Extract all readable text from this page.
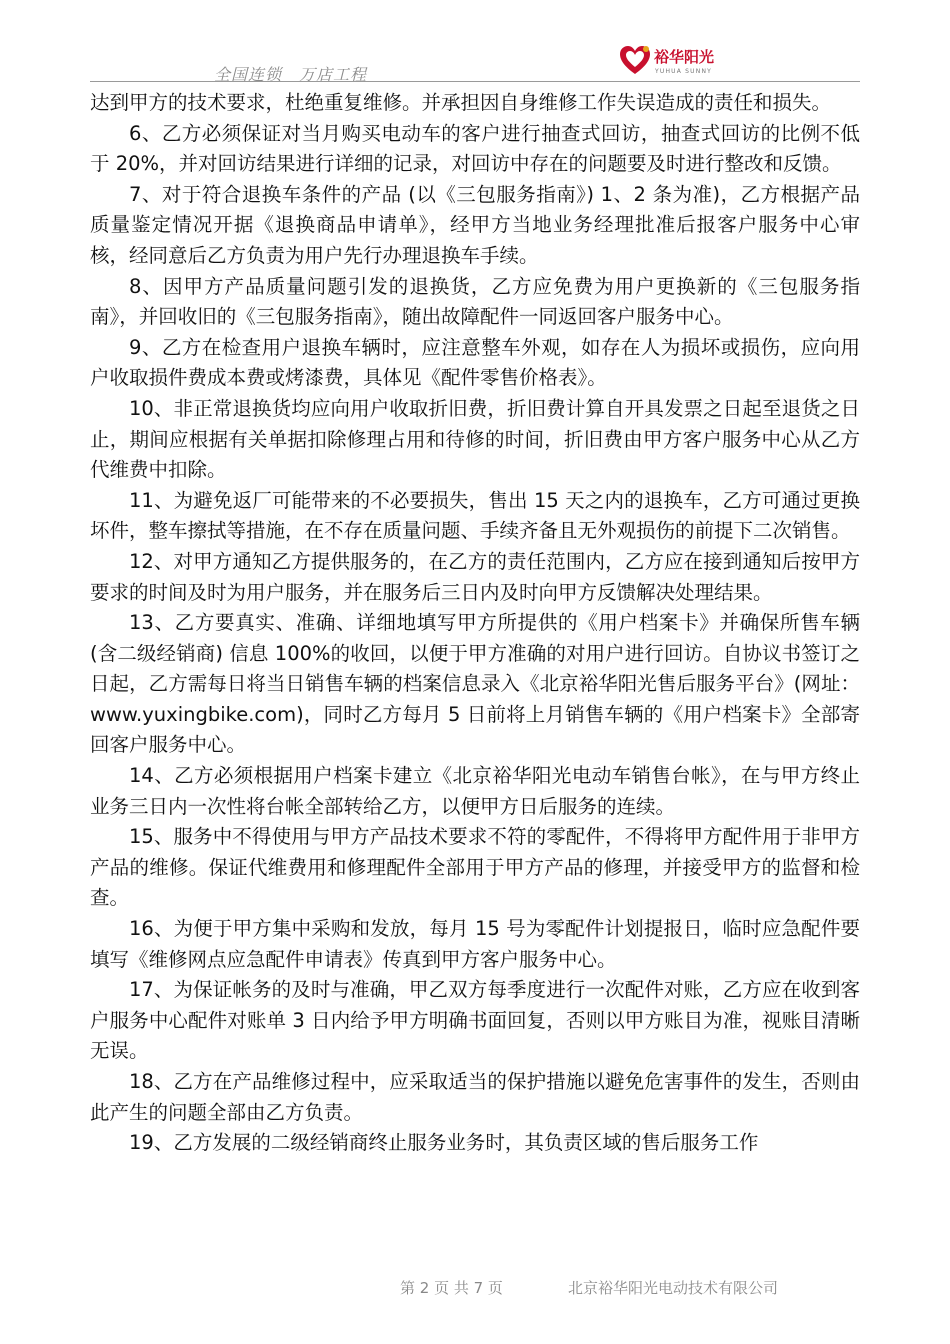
全国连锁　万店工程
裕华阳光
YUHUA SUNNY

达到甲方的技术要求，杜绝重复维修。并承担因自身维修工作失误造成的责任和损失。

6、乙方必须保证对当月购买电动车的客户进行抽查式回访，抽查式回访的比例不低于 20%，并对回访结果进行详细的记录，对回访中存在的问题要及时进行整改和反馈。

7、对于符合退换车条件的产品 (以《三包服务指南》) 1、2 条为准)，乙方根据产品质量鉴定情况开据《退换商品申请单》，经甲方当地业务经理批准后报客户服务中心审核，经同意后乙方负责为用户先行办理退换车手续。

8、因甲方产品质量问题引发的退换货，乙方应免费为用户更换新的《三包服务指南》，并回收旧的《三包服务指南》，随出故障配件一同返回客户服务中心。

9、乙方在检查用户退换车辆时，应注意整车外观，如存在人为损坏或损伤，应向用户收取损件费成本费或烤漆费，具体见《配件零售价格表》。

10、非正常退换货均应向用户收取折旧费，折旧费计算自开具发票之日起至退货之日止，期间应根据有关单据扣除修理占用和待修的时间，折旧费由甲方客户服务中心从乙方代维费中扣除。

11、为避免返厂可能带来的不必要损失，售出 15 天之内的退换车，乙方可通过更换坏件，整车擦拭等措施，在不存在质量问题、手续齐备且无外观损伤的前提下二次销售。

12、对甲方通知乙方提供服务的，在乙方的责任范围内，乙方应在接到通知后按甲方要求的时间及时为用户服务，并在服务后三日内及时向甲方反馈解决处理结果。

13、乙方要真实、准确、详细地填写甲方所提供的《用户档案卡》并确保所售车辆 (含二级经销商) 信息 100%的收回，以便于甲方准确的对用户进行回访。自协议书签订之日起，乙方需每日将当日销售车辆的档案信息录入《北京裕华阳光售后服务平台》(网址：www.yuxingbike.com)，同时乙方每月 5 日前将上月销售车辆的《用户档案卡》全部寄回客户服务中心。

14、乙方必须根据用户档案卡建立《北京裕华阳光电动车销售台帐》，在与甲方终止业务三日内一次性将台帐全部转给乙方，以便甲方日后服务的连续。

15、服务中不得使用与甲方产品技术要求不符的零配件，不得将甲方配件用于非甲方产品的维修。保证代维费用和修理配件全部用于甲方产品的修理，并接受甲方的监督和检查。

16、为便于甲方集中采购和发放，每月 15 号为零配件计划提报日，临时应急配件要填写《维修网点应急配件申请表》传真到甲方客户服务中心。

17、为保证帐务的及时与准确，甲乙双方每季度进行一次配件对账，乙方应在收到客户服务中心配件对账单 3 日内给予甲方明确书面回复，否则以甲方账目为准，视账目清晰无误。

18、乙方在产品维修过程中，应采取适当的保护措施以避免危害事件的发生，否则由此产生的问题全部由乙方负责。

19、乙方发展的二级经销商终止服务业务时，其负责区域的售后服务工作

第 2 页 共 7 页	北京裕华阳光电动技术有限公司
